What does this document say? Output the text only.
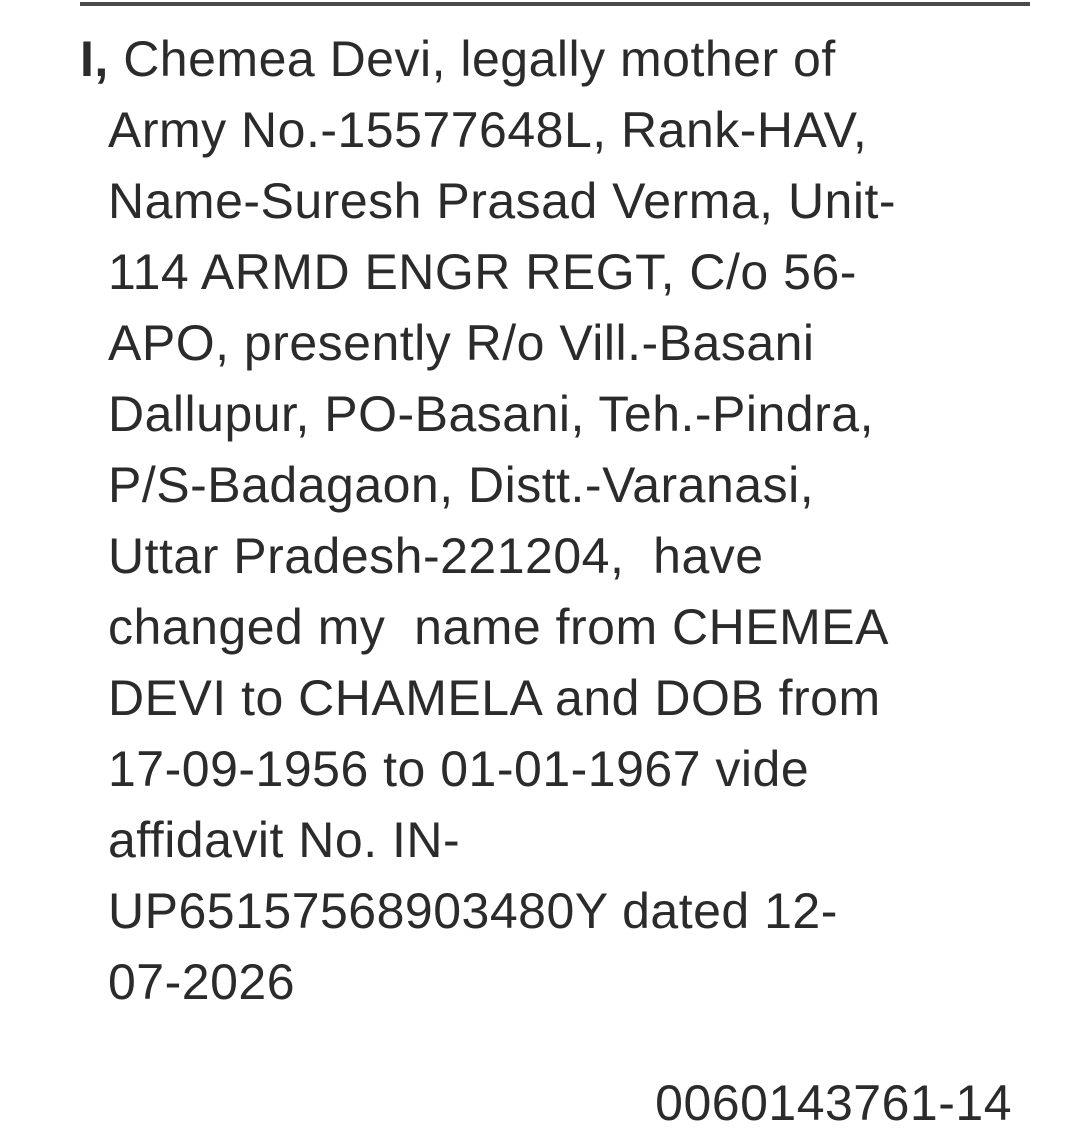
I, Chemea Devi, legally mother of
Army No.-15577648L, Rank-HAV,
Name-Suresh Prasad Verma, Unit-
114 ARMD ENGR REGT, C/o 56-
APO, presently R/o Vill.-Basani
Dallupur, PO-Basani, Teh.-Pindra,
P/S-Badagaon, Distt.-Varanasi,
Uttar Pradesh-221204,  have
changed my  name from CHEMEA
DEVI to CHAMELA and DOB from
17-09-1956 to 01-01-1967 vide
affidavit No. IN-
UP65157568903480Y dated 12-
07-2026
0060143761-14
